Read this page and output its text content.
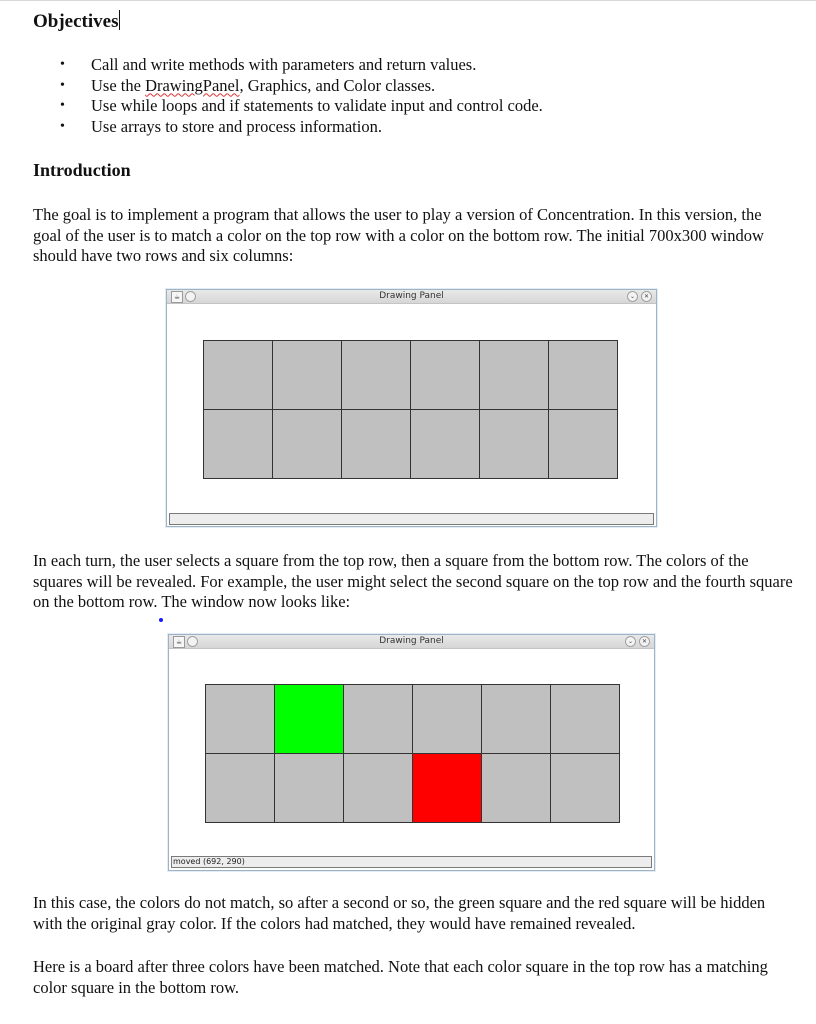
Objectives
• Call and write methods with parameters and return values.
• Use the DrawingPanel, Graphics, and Color classes.
• Use while loops and if statements to validate input and control code.
• Use arrays to store and process information.
Introduction

The goal is to implement a program that allows the user to play a version of Concentration. In this version, the goal of the user is to match a color on the top row with a color on the bottom row. The initial 700x300 window should have two rows and six columns:

☕	Drawing Panel	⌄	✕

In each turn, the user selects a square from the top row, then a square from the bottom row. The colors of the squares will be revealed. For example, the user might select the second square on the top row and the fourth square on the bottom row. The window now looks like:

☕	Drawing Panel	⌄	✕
moved (692, 290)

In this case, the colors do not match, so after a second or so, the green square and the red square will be hidden with the original gray color. If the colors had matched, they would have remained revealed.

Here is a board after three colors have been matched. Note that each color square in the top row has a matching color square in the bottom row.
